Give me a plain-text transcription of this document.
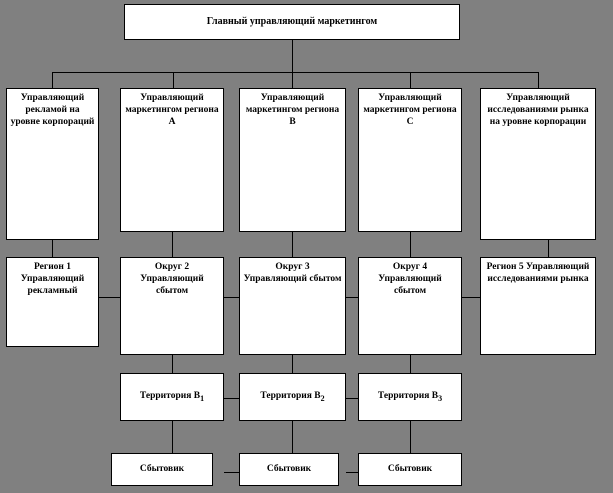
Главный управляющий маркетингом
Управляющий рекламой на уровне корпораций
Управляющий маркетингом региона А
Управляющий маркетингом региона В
Управляющий маркетингом региона С
Управляющий исследованиями рынка на уровне корпорации
Регион 1 Управляющий рекламный
Округ 2 Управляющий сбытом
Округ 3 Управляющий сбытом
Округ 4 Управляющий сбытом
Регион 5 Управляющий исследованиями рынка
Территория $В_1$	Территория $В_2$	Территория $В_3$
Сбытовик	Сбытовик	Сбытовик
